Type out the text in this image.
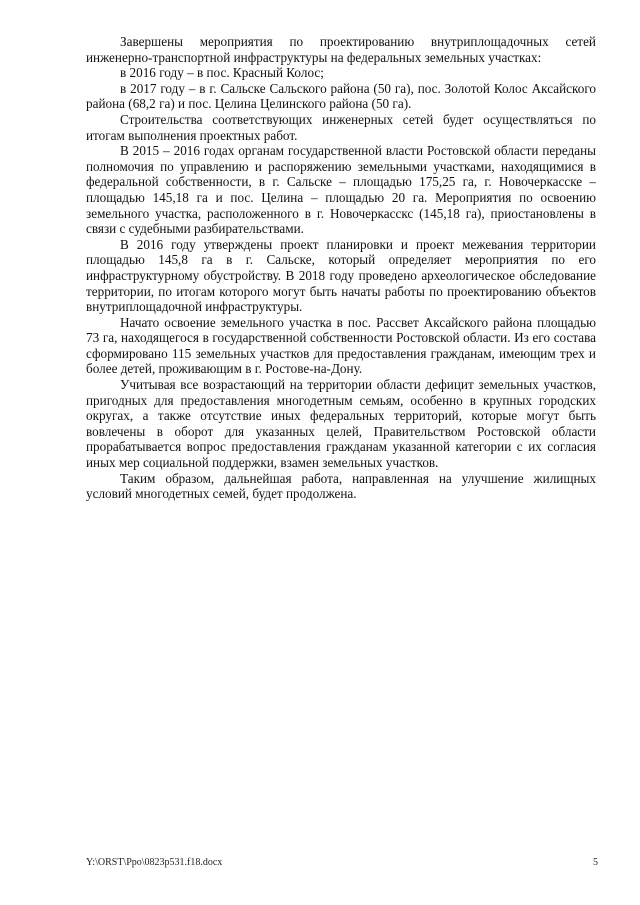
Завершены мероприятия по проектированию внутриплощадочных сетей инженерно-транспортной инфраструктуры на федеральных земельных участках:

в 2016 году – в пос. Красный Колос;

в 2017 году – в г. Сальске Сальского района (50 га), пос. Золотой Колос Аксайского района (68,2 га) и пос. Целина Целинского района (50 га).

Строительства соответствующих инженерных сетей будет осуществляться по итогам выполнения проектных работ.

В 2015 – 2016 годах органам государственной власти Ростовской области переданы полномочия по управлению и распоряжению земельными участками, находящимися в федеральной собственности, в г. Сальске – площадью 175,25 га, г. Новочеркасске – площадью 145,18 га и пос. Целина – площадью 20 га. Мероприятия по освоению земельного участка, расположенного в г. Новочеркасскс (145,18 га), приостановлены в связи с судебными разбирательствами.

В 2016 году утверждены проект планировки и проект межевания территории площадью 145,8 га в г. Сальске, который определяет мероприятия по его инфраструктурному обустройству. В 2018 году проведено археологическое обследование территории, по итогам которого могут быть начаты работы по проектированию объектов внутриплощадочной инфраструктуры.

Начато освоение земельного участка в пос. Рассвет Аксайского района площадью 73 га, находящегося в государственной собственности Ростовской области. Из его состава сформировано 115 земельных участков для предоставления гражданам, имеющим трех и более детей, проживающим в г. Ростове-на-Дону.

Учитывая все возрастающий на территории области дефицит земельных участков, пригодных для предоставления многодетным семьям, особенно в крупных городских округах, а также отсутствие иных федеральных территорий, которые могут быть вовлечены в оборот для указанных целей, Правительством Ростовской области прорабатывается вопрос предоставления гражданам указанной категории с их согласия иных мер социальной поддержки, взамен земельных участков.

Таким образом, дальнейшая работа, направленная на улучшение жилищных условий многодетных семей, будет продолжена.

Y:\ORST\Ppo\0823p531.f18.docx	5
